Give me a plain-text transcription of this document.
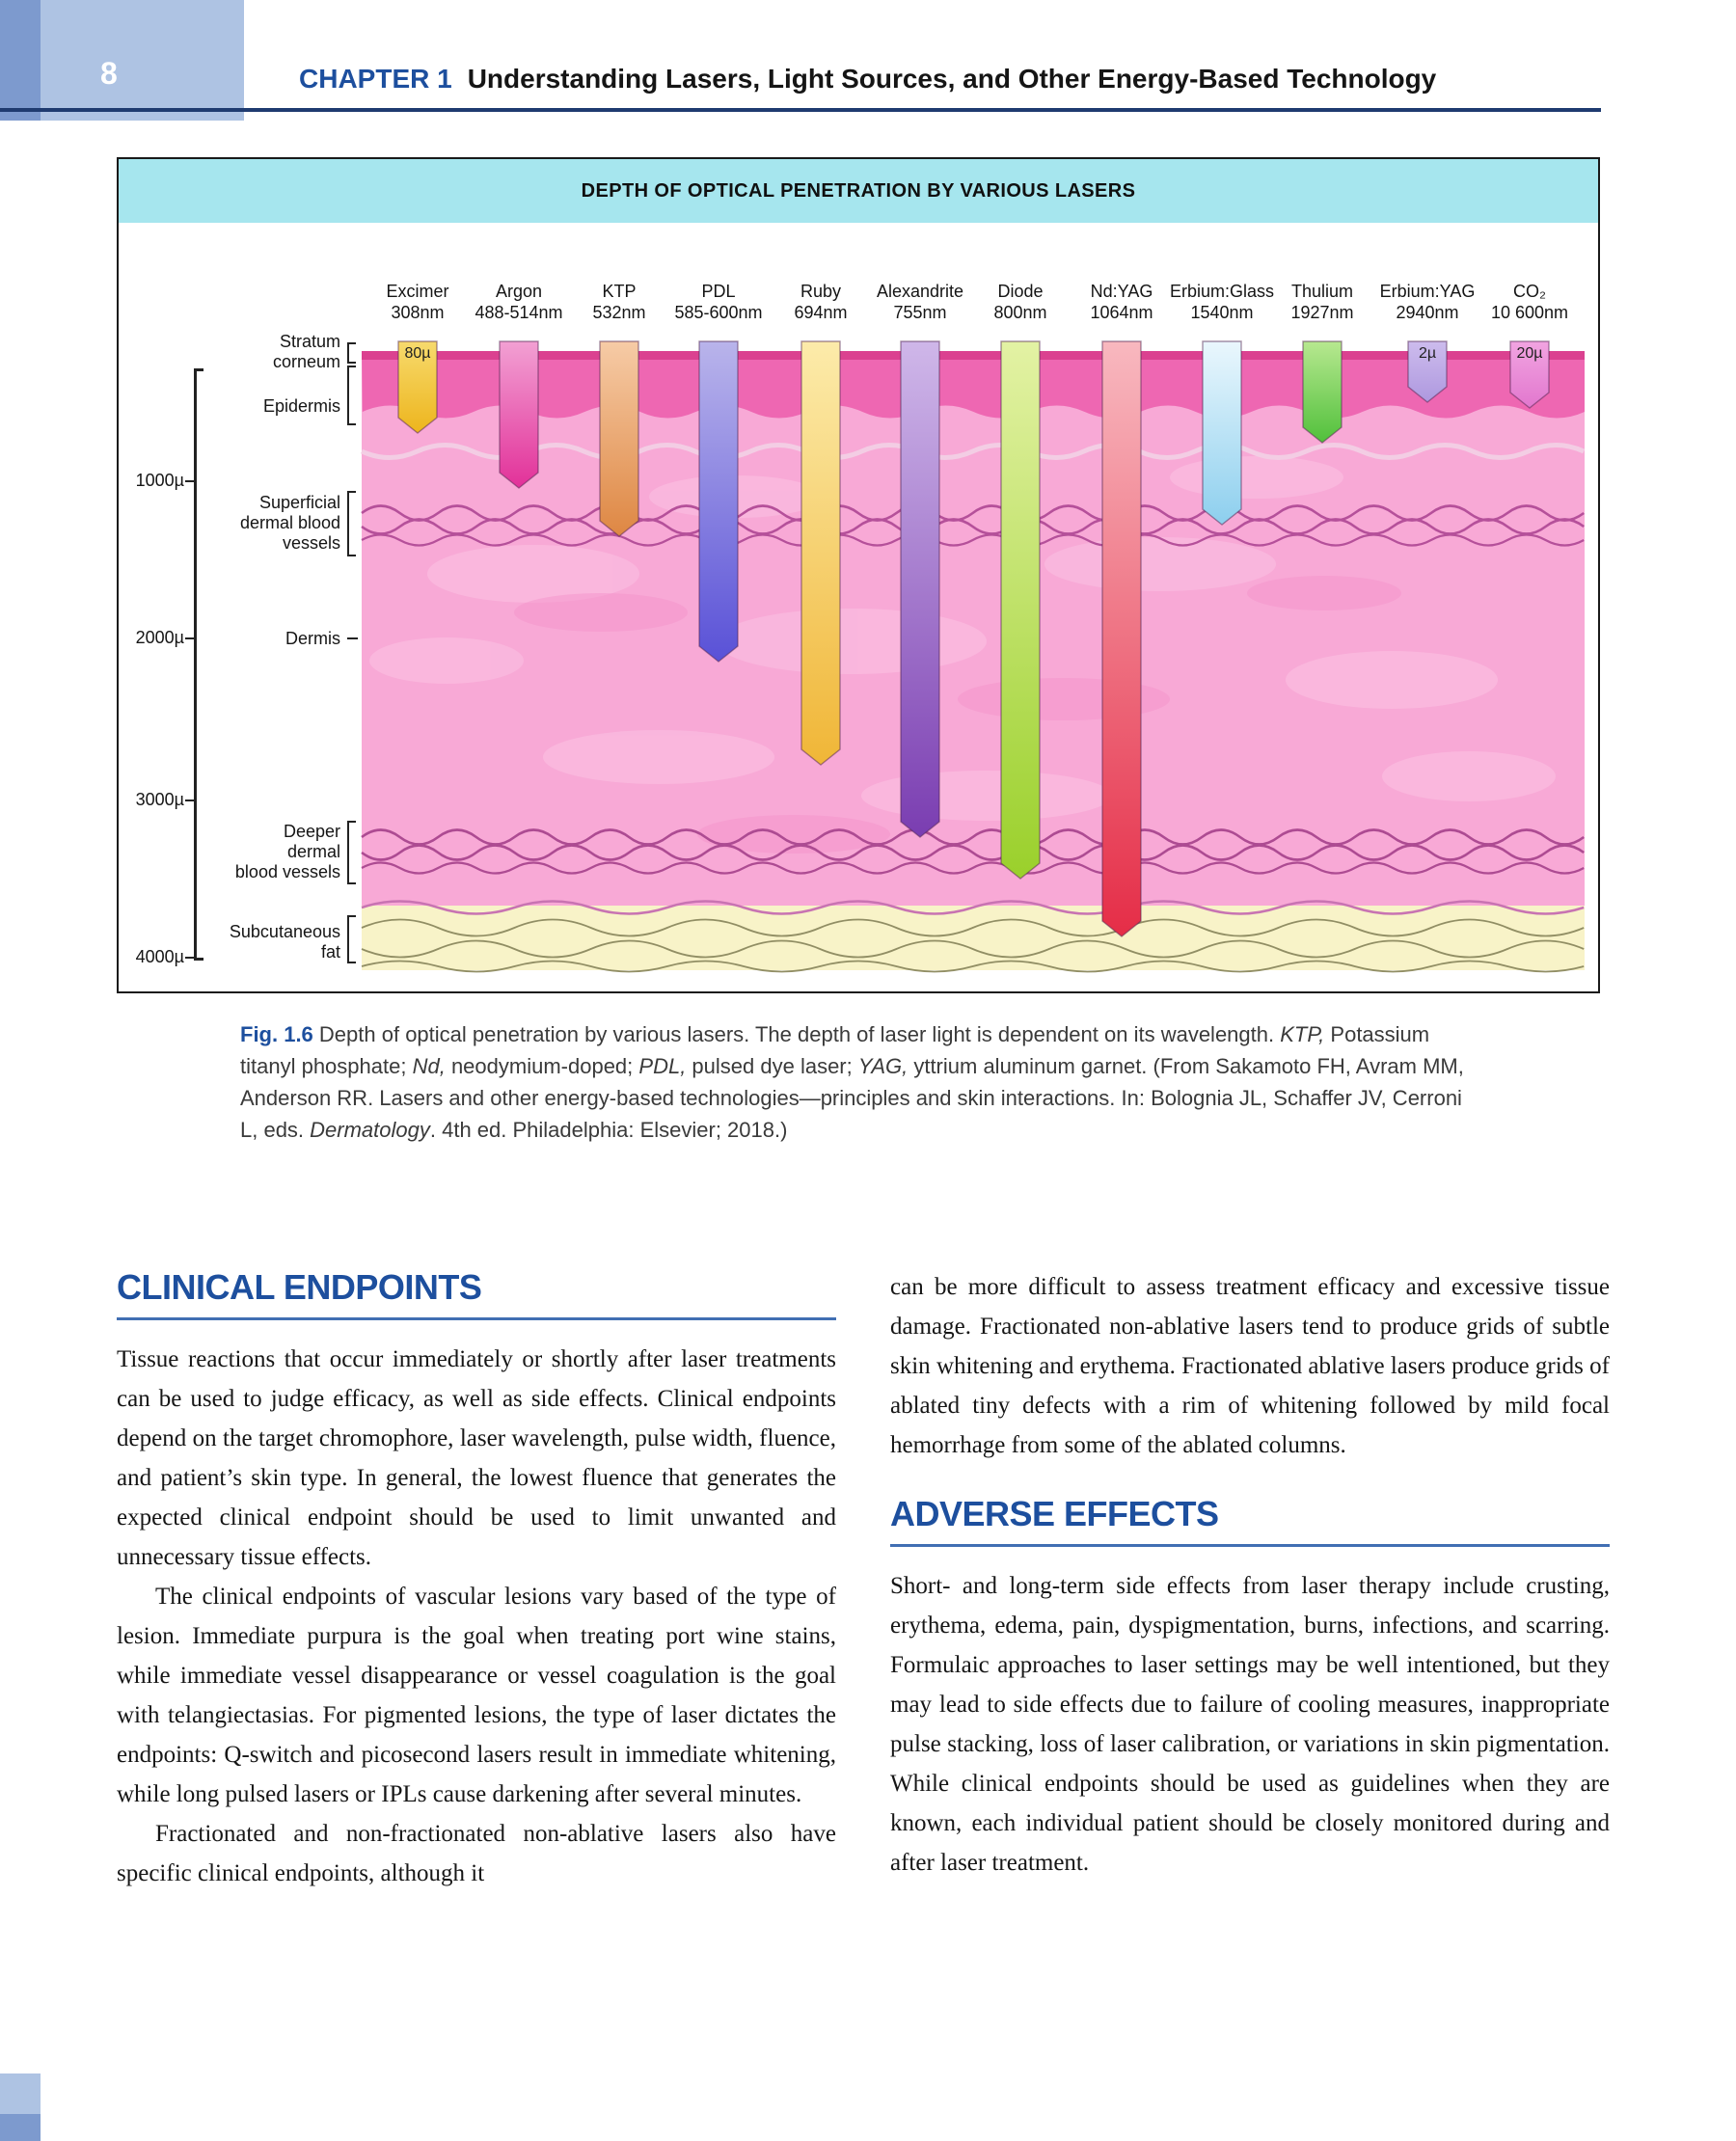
8	CHAPTER 1 Understanding Lasers, Light Sources, and Other Energy-Based Technology
DEPTH OF OPTICAL PENETRATION BY VARIOUS LASERS
Excimer
308nm
80µ
Argon
488-514nm
KTP
532nm
PDL
585-600nm
Ruby
694nm
Alexandrite
755nm
Diode
800nm
Nd:YAG
1064nm
Erbium:Glass
1540nm
Thulium
1927nm
Erbium:YAG
2940nm
2µ
CO₂
10 600nm
20µ
1000µ
2000µ
3000µ
4000µ
Stratum
corneum
Epidermis
Superficial
dermal blood
vessels
Dermis
Deeper
dermal
blood vessels
Subcutaneous
fat

Fig. 1.6 Depth of optical penetration by various lasers. The depth of laser light is dependent on its wavelength. KTP, Potassium titanyl phosphate; Nd, neodymium-doped; PDL, pulsed dye laser; YAG, yttrium aluminum garnet. (From Sakamoto FH, Avram MM, Anderson RR. Lasers and other energy-based technologies—principles and skin interactions. In: Bolognia JL, Schaffer JV, Cerroni L, eds. Dermatology. 4th ed. Philadelphia: Elsevier; 2018.)

CLINICAL ENDPOINTS

Tissue reactions that occur immediately or shortly after laser treatments can be used to judge efficacy, as well as side effects. Clinical endpoints depend on the target chromophore, laser wavelength, pulse width, fluence, and patient’s skin type. In general, the lowest fluence that generates the expected clinical endpoint should be used to limit unwanted and unnecessary tissue effects.

The clinical endpoints of vascular lesions vary based of the type of lesion. Immediate purpura is the goal when treating port wine stains, while immediate vessel disappearance or vessel coagulation is the goal with telangiectasias. For pigmented lesions, the type of laser dictates the endpoints: Q-switch and picosecond lasers result in immediate whitening, while long pulsed lasers or IPLs cause darkening after several minutes.

Fractionated and non-fractionated non-ablative lasers also have specific clinical endpoints, although it

can be more difficult to assess treatment efficacy and excessive tissue damage. Fractionated non-ablative lasers tend to produce grids of subtle skin whitening and erythema. Fractionated ablative lasers produce grids of ablated tiny defects with a rim of whitening followed by mild focal hemorrhage from some of the ablated columns.

ADVERSE EFFECTS

Short- and long-term side effects from laser therapy include crusting, erythema, edema, pain, dyspigmentation, burns, infections, and scarring. Formulaic approaches to laser settings may be well intentioned, but they may lead to side effects due to failure of cooling measures, inappropriate pulse stacking, loss of laser calibration, or variations in skin pigmentation. While clinical endpoints should be used as guidelines when they are known, each individual patient should be closely monitored during and after laser treatment.
